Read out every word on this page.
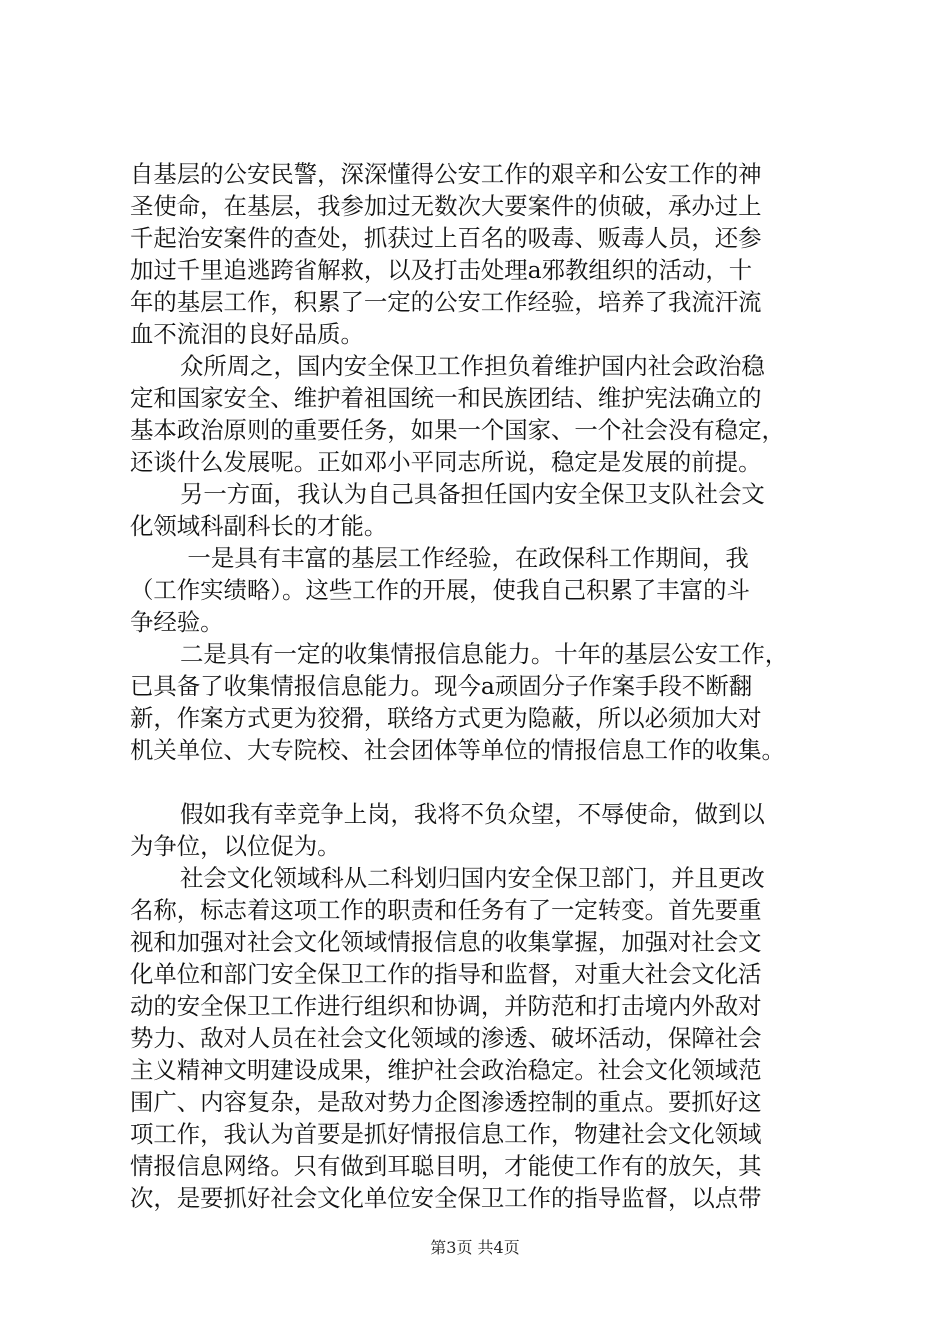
自基层的公安民警，深深懂得公安工作的艰辛和公安工作的神
圣使命，在基层，我参加过无数次大要案件的侦破，承办过上
千起治安案件的查处，抓获过上百名的吸毒、贩毒人员，还参
加过千里追逃跨省解救，以及打击处理a邪教组织的活动，十
年的基层工作，积累了一定的公安工作经验，培养了我流汗流
血不流泪的良好品质。
众所周之，国内安全保卫工作担负着维护国内社会政治稳
定和国家安全、维护着祖国统一和民族团结、维护宪法确立的
基本政治原则的重要任务，如果一个国家、一个社会没有稳定，
还谈什么发展呢。正如邓小平同志所说，稳定是发展的前提。
另一方面，我认为自己具备担任国内安全保卫支队社会文
化领域科副科长的才能。
一是具有丰富的基层工作经验，在政保科工作期间，我
（工作实绩略）。这些工作的开展，使我自己积累了丰富的斗
争经验。
二是具有一定的收集情报信息能力。十年的基层公安工作，
已具备了收集情报信息能力。现今a顽固分子作案手段不断翻
新，作案方式更为狡猾，联络方式更为隐蔽，所以必须加大对
机关单位、大专院校、社会团体等单位的情报信息工作的收集。
假如我有幸竞争上岗，我将不负众望，不辱使命，做到以
为争位，以位促为。
社会文化领域科从二科划归国内安全保卫部门，并且更改
名称，标志着这项工作的职责和任务有了一定转变。首先要重
视和加强对社会文化领域情报信息的收集掌握，加强对社会文
化单位和部门安全保卫工作的指导和监督，对重大社会文化活
动的安全保卫工作进行组织和协调，并防范和打击境内外敌对
势力、敌对人员在社会文化领域的渗透、破坏活动，保障社会
主义精神文明建设成果，维护社会政治稳定。社会文化领域范
围广、内容复杂，是敌对势力企图渗透控制的重点。要抓好这
项工作，我认为首要是抓好情报信息工作，物建社会文化领域
情报信息网络。只有做到耳聪目明，才能使工作有的放矢，其
次，是要抓好社会文化单位安全保卫工作的指导监督，以点带
第3页 共4页
